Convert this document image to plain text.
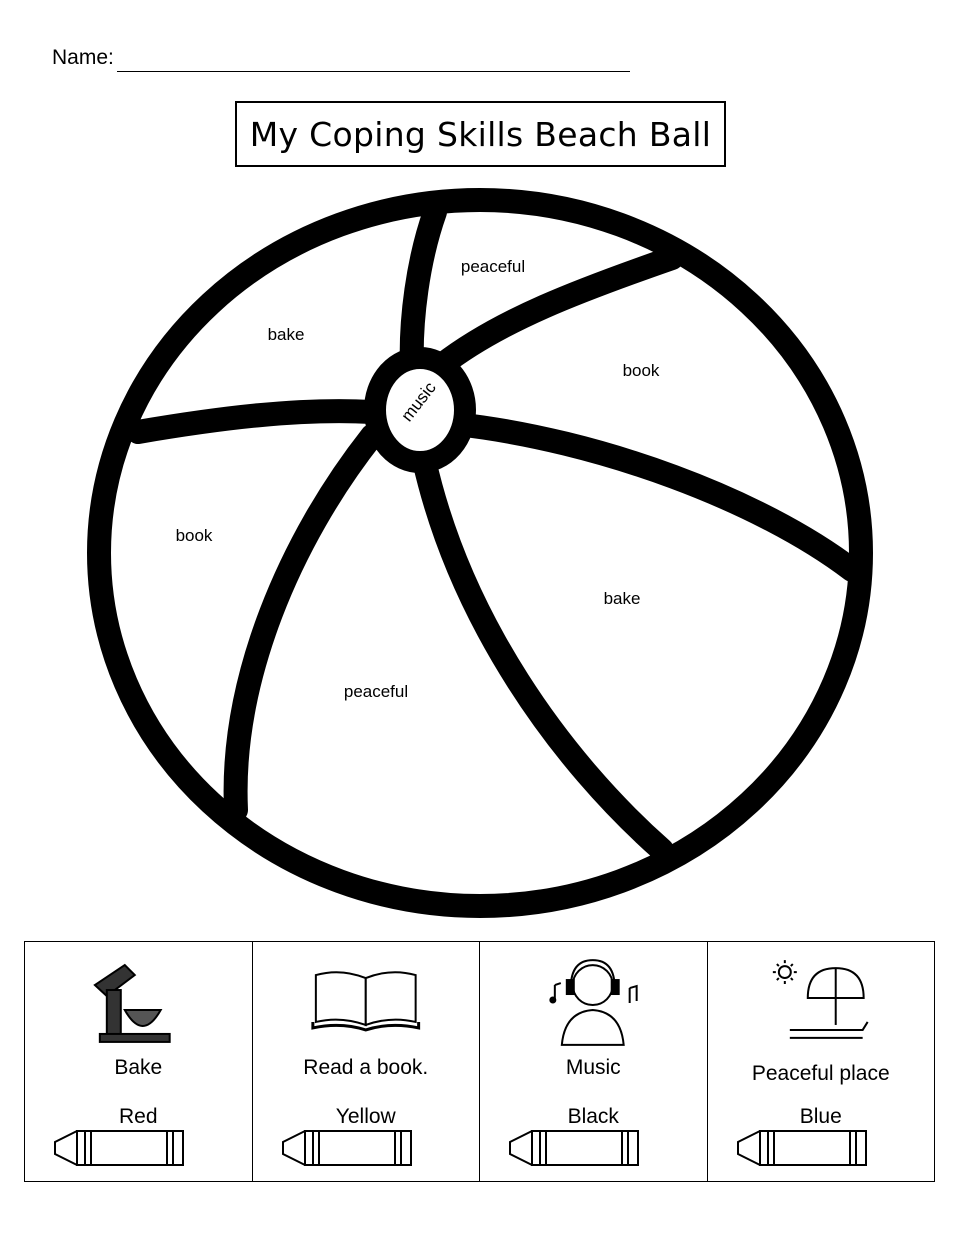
Name:
My Coping Skills Beach Ball
music
peaceful
bake
book
book
bake
peaceful
Bake
Red
Read a book.
Yellow
Music
Black
Peaceful place
Blue
